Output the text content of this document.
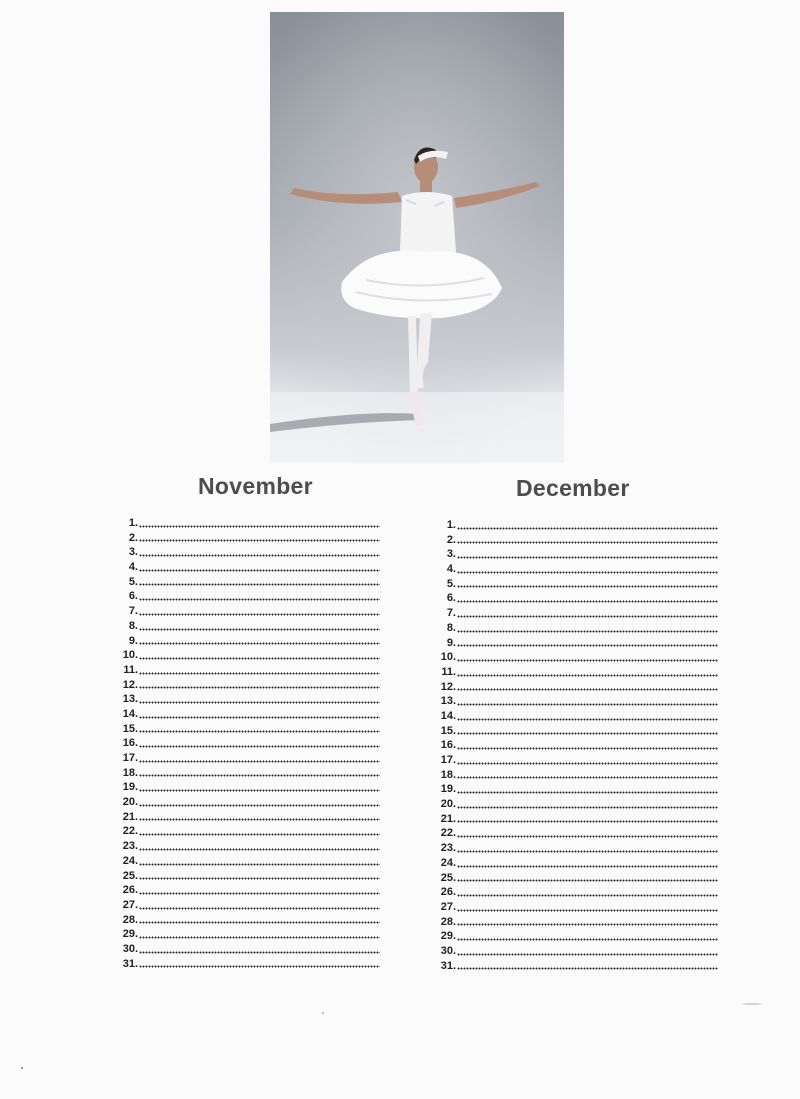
November	December
1.
2.
3.
4.
5.
6.
7.
8.
9.
10.
11.
12.
13.
14.
15.
16.
17.
18.
19.
20.
21.
22.
23.
24.
25.
26.
27.
28.
29.
30.
31.
1.
2.
3.
4.
5.
6.
7.
8.
9.
10.
11.
12.
13.
14.
15.
16.
17.
18.
19.
20.
21.
22.
23.
24.
25.
26.
27.
28.
29.
30.
31.
